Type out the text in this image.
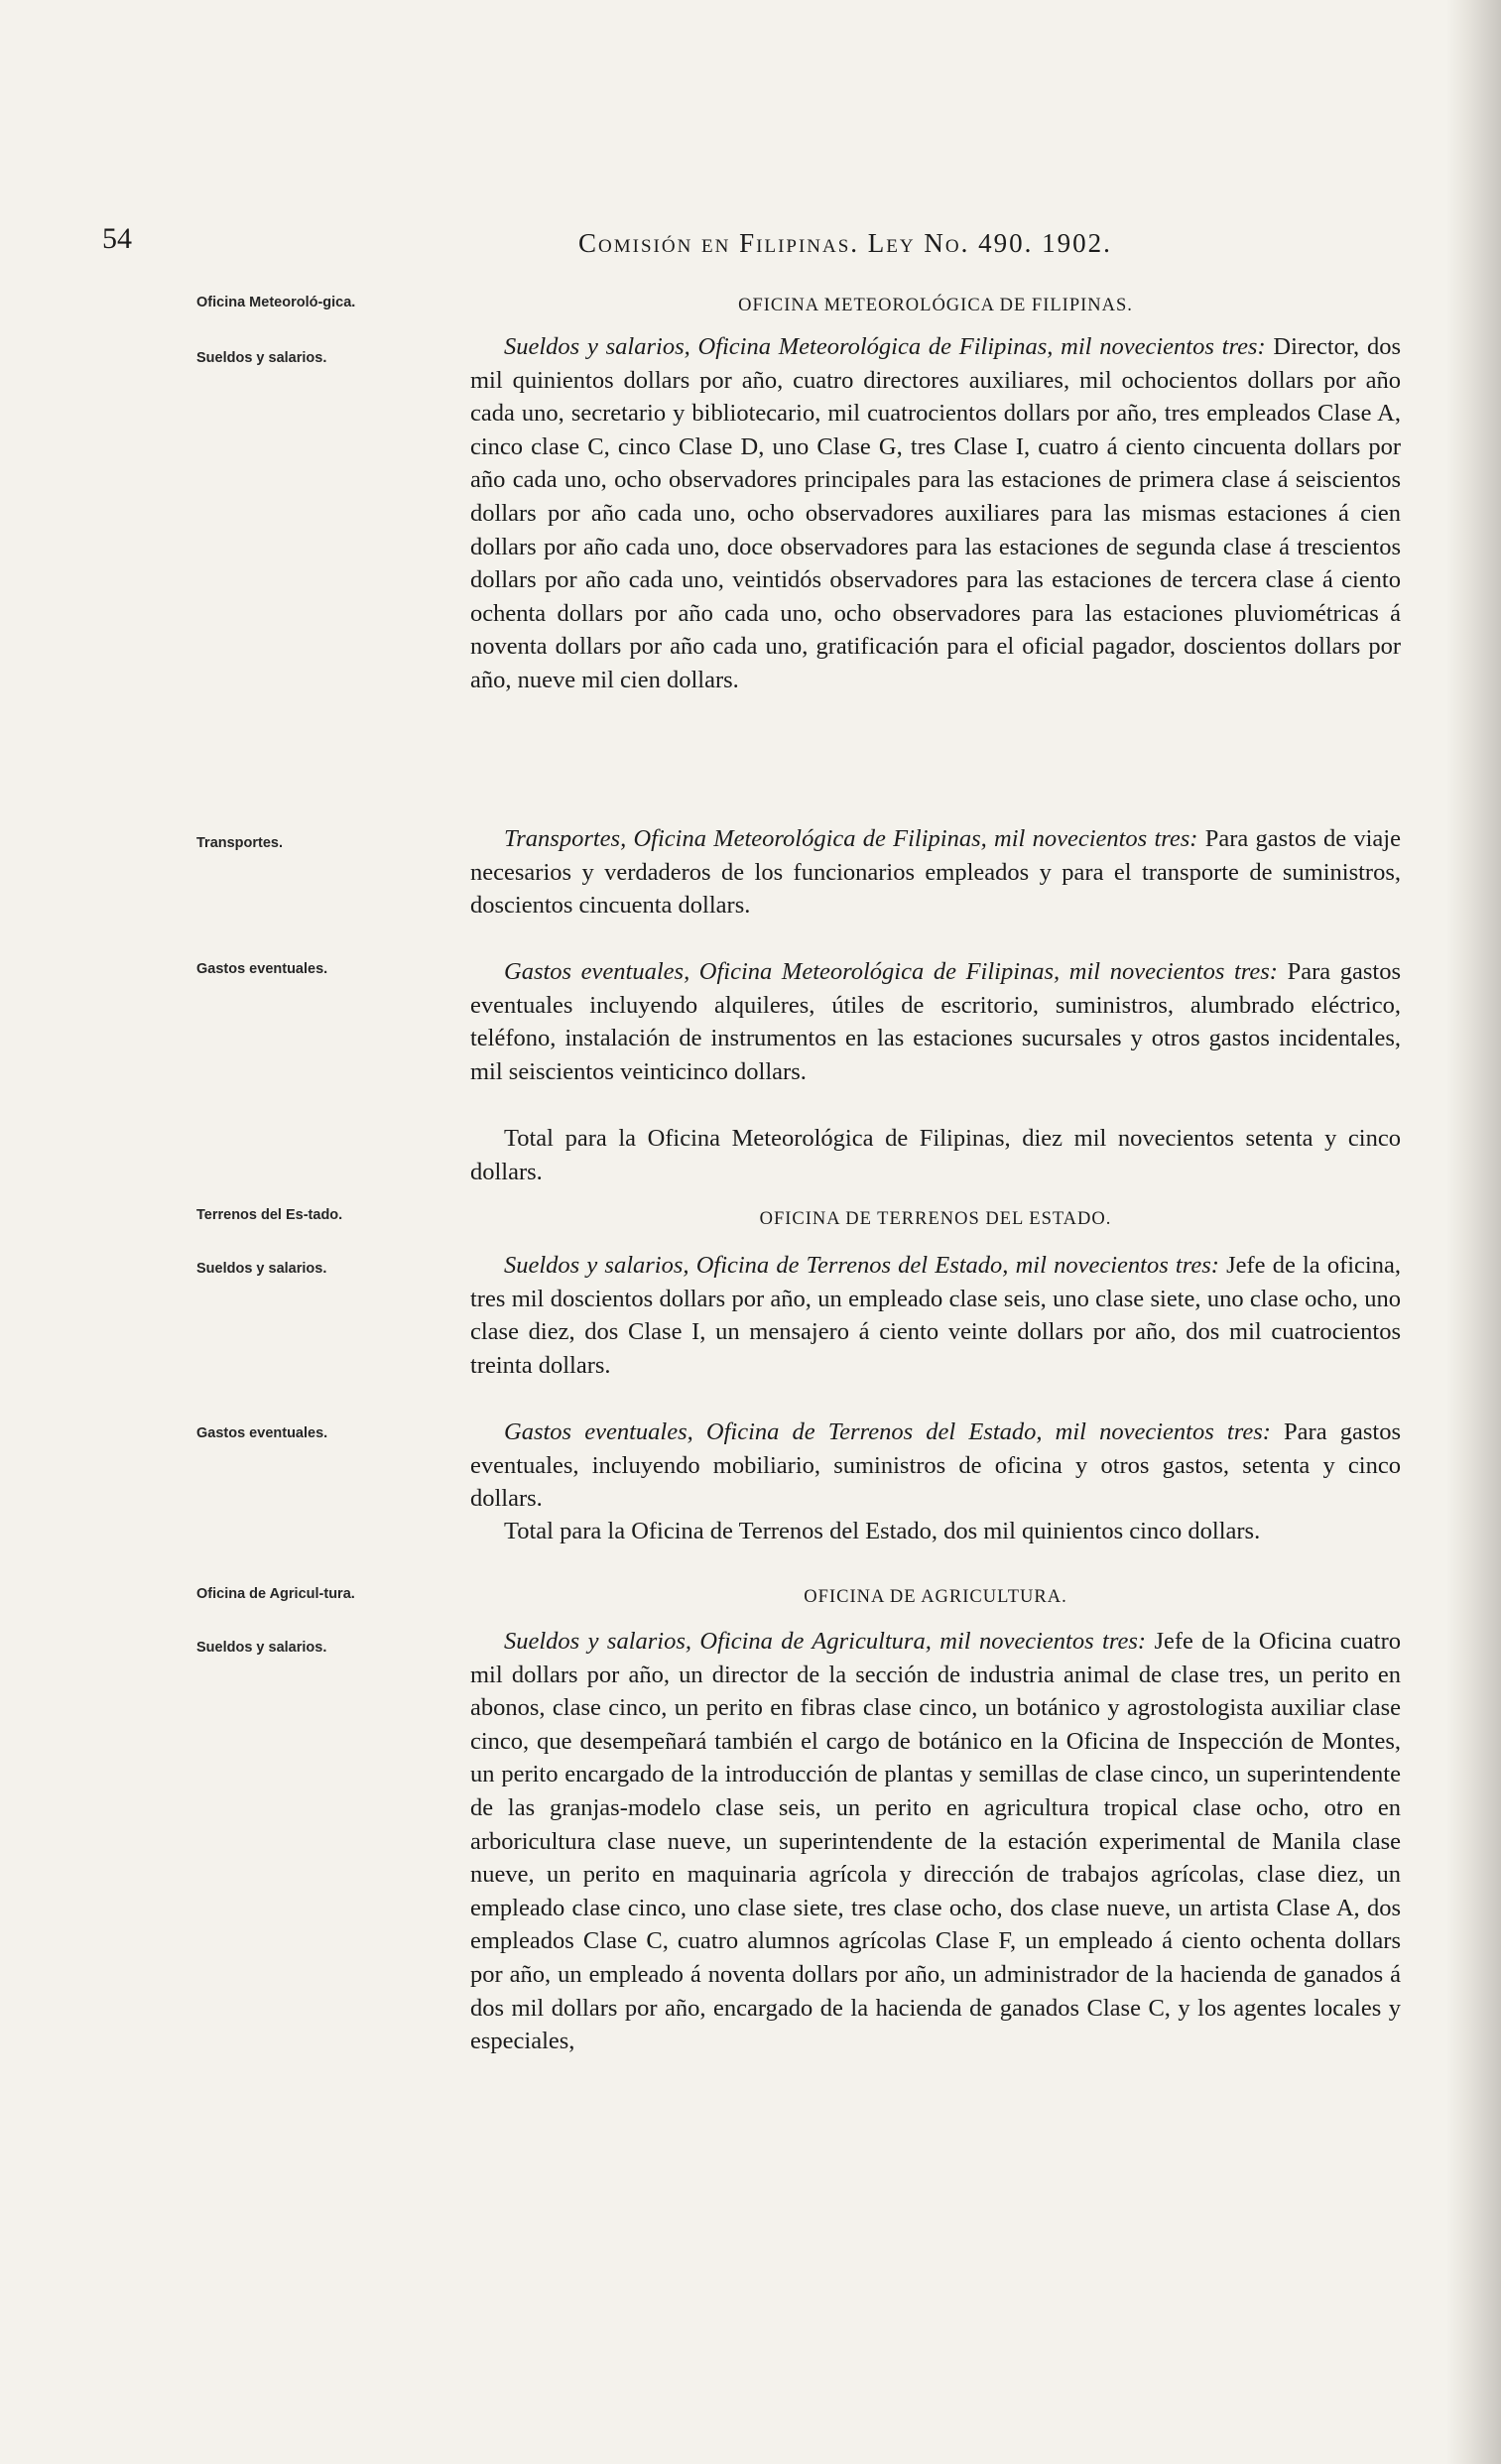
54	Comisión en Filipinas. Ley No. 490. 1902.
Oficina Meteoroló-gica.	OFICINA METEOROLÓGICA DE FILIPINAS.
Sueldos y salarios.	Sueldos y salarios, Oficina Meteorológica de Filipinas, mil novecientos tres: Director, dos mil quinientos dollars por año, cuatro directores auxiliares, mil ochocientos dollars por año cada uno, secretario y bibliotecario, mil cuatrocientos dollars por año, tres empleados Clase A, cinco clase C, cinco Clase D, uno Clase G, tres Clase I, cuatro á ciento cincuenta dollars por año cada uno, ocho observadores principales para las estaciones de primera clase á seiscientos dollars por año cada uno, ocho observadores auxiliares para las mismas estaciones á cien dollars por año cada uno, doce observadores para las estaciones de segunda clase á trescientos dollars por año cada uno, veintidós observadores para las estaciones de tercera clase á ciento ochenta dollars por año cada uno, ocho observadores para las estaciones pluviométricas á noventa dollars por año cada uno, gratificación para el oficial pagador, doscientos dollars por año, nueve mil cien dollars.

Transportes.	Transportes, Oficina Meteorológica de Filipinas, mil novecientos tres: Para gastos de viaje necesarios y verdaderos de los funcionarios empleados y para el transporte de suministros, doscientos cincuenta dollars.

Gastos eventuales.	Gastos eventuales, Oficina Meteorológica de Filipinas, mil novecientos tres: Para gastos eventuales incluyendo alquileres, útiles de escritorio, suministros, alumbrado eléctrico, teléfono, instalación de instrumentos en las estaciones sucursales y otros gastos incidentales, mil seiscientos veinticinco dollars.

Total para la Oficina Meteorológica de Filipinas, diez mil novecientos setenta y cinco dollars.

Terrenos del Es-tado.	OFICINA DE TERRENOS DEL ESTADO.
Sueldos y salarios.	Sueldos y salarios, Oficina de Terrenos del Estado, mil novecientos tres: Jefe de la oficina, tres mil doscientos dollars por año, un empleado clase seis, uno clase siete, uno clase ocho, uno clase diez, dos Clase I, un mensajero á ciento veinte dollars por año, dos mil cuatrocientos treinta dollars.

Gastos eventuales.	Gastos eventuales, Oficina de Terrenos del Estado, mil novecientos tres: Para gastos eventuales, incluyendo mobiliario, suministros de oficina y otros gastos, setenta y cinco dollars.

Total para la Oficina de Terrenos del Estado, dos mil quinientos cinco dollars.

Oficina de Agricul-tura.	OFICINA DE AGRICULTURA.
Sueldos y salarios.	Sueldos y salarios, Oficina de Agricultura, mil novecientos tres: Jefe de la Oficina cuatro mil dollars por año, un director de la sección de industria animal de clase tres, un perito en abonos, clase cinco, un perito en fibras clase cinco, un botánico y agrostologista auxiliar clase cinco, que desempeñará también el cargo de botánico en la Oficina de Inspección de Montes, un perito encargado de la introducción de plantas y semillas de clase cinco, un superintendente de las granjas-modelo clase seis, un perito en agricultura tropical clase ocho, otro en arboricultura clase nueve, un superintendente de la estación experimental de Manila clase nueve, un perito en maquinaria agrícola y dirección de trabajos agrícolas, clase diez, un empleado clase cinco, uno clase siete, tres clase ocho, dos clase nueve, un artista Clase A, dos empleados Clase C, cuatro alumnos agrícolas Clase F, un empleado á ciento ochenta dollars por año, un empleado á noventa dollars por año, un administrador de la hacienda de ganados á dos mil dollars por año, encargado de la hacienda de ganados Clase C, y los agentes locales y especiales,
